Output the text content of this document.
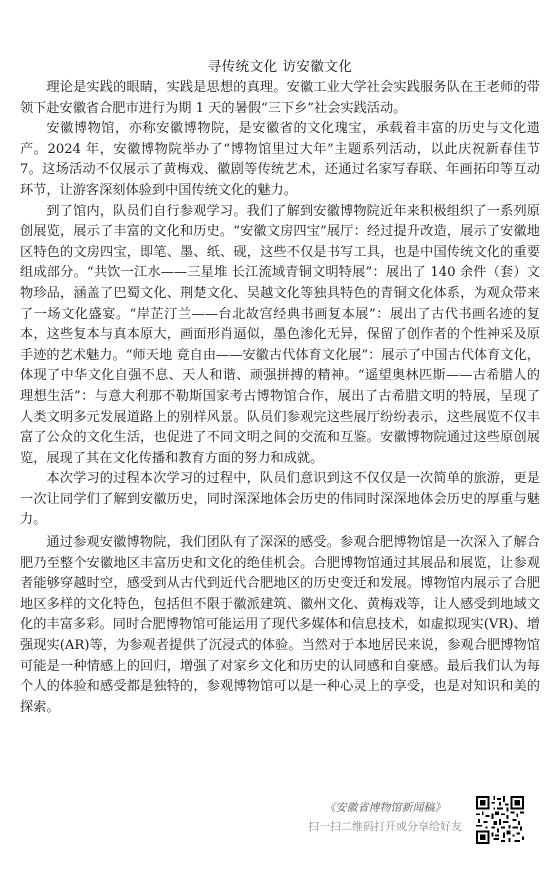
寻传统文化 访安徽文化

理论是实践的眼睛，实践是思想的真理。安徽工业大学社会实践服务队在王老师的带领下赴安徽省合肥市进行为期 1 天的暑假“三下乡”社会实践活动。

安徽博物馆，亦称安徽博物院，是安徽省的文化瑰宝，承载着丰富的历史与文化遗产。2024 年，安徽博物院举办了“博物馆里过大年”主题系列活动，以此庆祝新春佳节 7。这场活动不仅展示了黄梅戏、徽剧等传统艺术，还通过名家写春联、年画拓印等互动环节，让游客深刻体验到中国传统文化的魅力。

到了馆内，队员们自行参观学习。我们了解到安徽博物院近年来积极组织了一系列原创展览，展示了丰富的文化和历史。“安徽文房四宝”展厅：经过提升改造，展示了安徽地区特色的文房四宝，即笔、墨、纸、砚，这些不仅是书写工具，也是中国传统文化的重要组成部分。“共饮一江水——三星堆 长江流域青铜文明特展”：展出了 140 余件（套）文物珍品，涵盖了巴蜀文化、荆楚文化、吴越文化等独具特色的青铜文化体系，为观众带来了一场文化盛宴。“岸芷汀兰——台北故宫经典书画复本展”：展出了古代书画名迹的复本，这些复本与真本原大，画面形肖逼似，墨色渗化无异，保留了创作者的个性神采及原手迹的艺术魅力。“师天地 竟自由——安徽古代体育文化展”：展示了中国古代体育文化，体现了中华文化自强不息、天人和谐、顽强拼搏的精神。“遥望奥林匹斯——古希腊人的理想生活”：与意大利那不勒斯国家考古博物馆合作，展出了古希腊文明的特展，呈现了人类文明多元发展道路上的别样风景。队员们参观完这些展厅纷纷表示，这些展览不仅丰富了公众的文化生活，也促进了不同文明之间的交流和互鉴。安徽博物院通过这些原创展览，展现了其在文化传播和教育方面的努力和成就。

本次学习的过程本次学习的过程中，队员们意识到这不仅仅是一次简单的旅游，更是一次让同学们了解到安徽历史，同时深深地体会历史的伟同时深深地体会历史的厚重与魅力。

通过参观安徽博物院，我们团队有了深深的感受。参观合肥博物馆是一次深入了解合肥乃至整个安徽地区丰富历史和文化的绝佳机会。合肥博物馆通过其展品和展览，让参观者能够穿越时空，感受到从古代到近代合肥地区的历史变迁和发展。博物馆内展示了合肥地区多样的文化特色，包括但不限于徽派建筑、徽州文化、黄梅戏等，让人感受到地域文化的丰富多彩。同时合肥博物馆可能运用了现代多媒体和信息技术，如虚拟现实(VR)、增强现实(AR)等，为参观者提供了沉浸式的体验。当然对于本地居民来说，参观合肥博物馆可能是一种情感上的回归，增强了对家乡文化和历史的认同感和自豪感。最后我们认为每个人的体验和感受都是独特的，参观博物馆可以是一种心灵上的享受，也是对知识和美的探索。

《安徽省博物馆新闻稿》
扫一扫二维码打开或分享给好友
